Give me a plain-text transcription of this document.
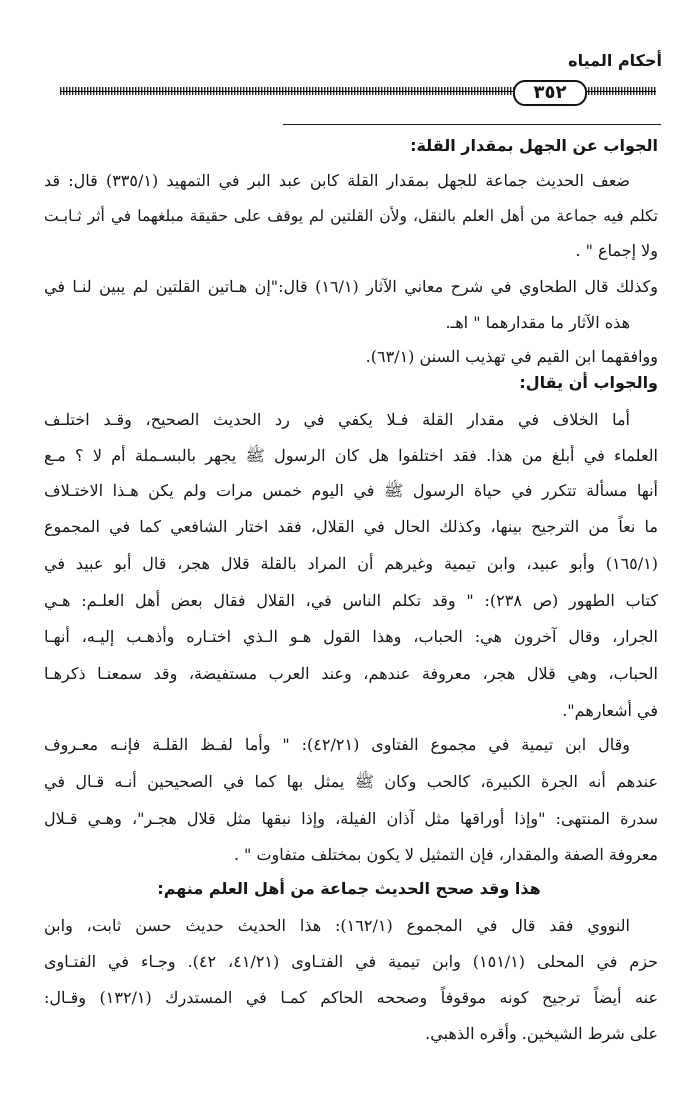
أحكام المياه
٣٥٢
الجواب عن الجهل بمقدار القلة:
ضعف الحديث جماعة للجهل بمقدار القلة كابن عبد البر في التمهيد (٣٣٥/١) قال: قد
تكلم فيه جماعة من أهل العلم بالنقل، ولأن القلتين لم يوقف على حقيقة مبلغهما في أثر ثـابـت
ولا إجماع " .
وكذلك قال الطحاوي في شرح معاني الآثار (١٦/١) قال:"إن هـاتين القلتين لم يبين لنـا في
هذه الآثار ما مقدارهما " اهـ.
ووافقهما ابن القيم في تهذيب السنن (٦٣/١).
والجواب أن يقال:
أما الخلاف في مقدار القلة فـلا يكفي في رد الحديث الصحيح، وقـد اختلـف
العلماء في أبلغ من هذا. فقد اختلفوا هل كان الرسول ﷺ يجهر بالبسـملة أم لا ؟ مـع
أنها مسألة تتكرر في حياة الرسول ﷺ في اليوم خمس مرات ولم يكن هـذا الاختـلاف
ما نعاً من الترجيح بينها، وكذلك الحال في القلال، فقد اختار الشافعي كما في المجموع
(١٦٥/١) وأبو عبيد، وابن تيمية وغيرهم أن المراد بالقلة قلال هجر، قال أبو عبيد في
كتاب الطهور (ص ٢٣٨): " وقد تكلم الناس في، القلال فقال بعض أهل العلـم: هـي
الجرار، وقال آخرون هي: الحباب، وهذا القول هـو الـذي اختـاره وأذهـب إليـه، أنهـا
الحباب، وهي قلال هجر، معروفة عندهم، وعند العرب مستفيضة، وقد سمعنـا ذكرهـا
في أشعارهم".
وقال ابن تيمية في مجموع الفتاوى (٤٢/٢١): " وأما لفـظ القلـة فإنـه معـروف
عندهم أنه الجرة الكبيرة، كالحب وكان ﷺ يمثل بها كما في الصحيحين أنـه قـال في
سدرة المنتهى: "وإذا أوراقها مثل آذان الفيلة، وإذا نبقها مثل قلال هجـر"، وهـي قـلال
معروفة الصفة والمقدار، فإن التمثيل لا يكون بمختلف متفاوت " .
هذا وقد صحح الحديث جماعة من أهل العلم منهم:
النووي فقد قال في المجموع (١٦٢/١): هذا الحديث حديث حسن ثابت، وابن
حزم في المحلى (١٥١/١) وابن تيمية في الفتـاوى (٤١/٢١، ٤٢). وجـاء في الفتـاوى
عنه أيضاً ترجيح كونه موقوفاً وصححه الحاكم كمـا في المستدرك (١٣٢/١) وقـال:
على شرط الشيخين. وأقره الذهبي.
